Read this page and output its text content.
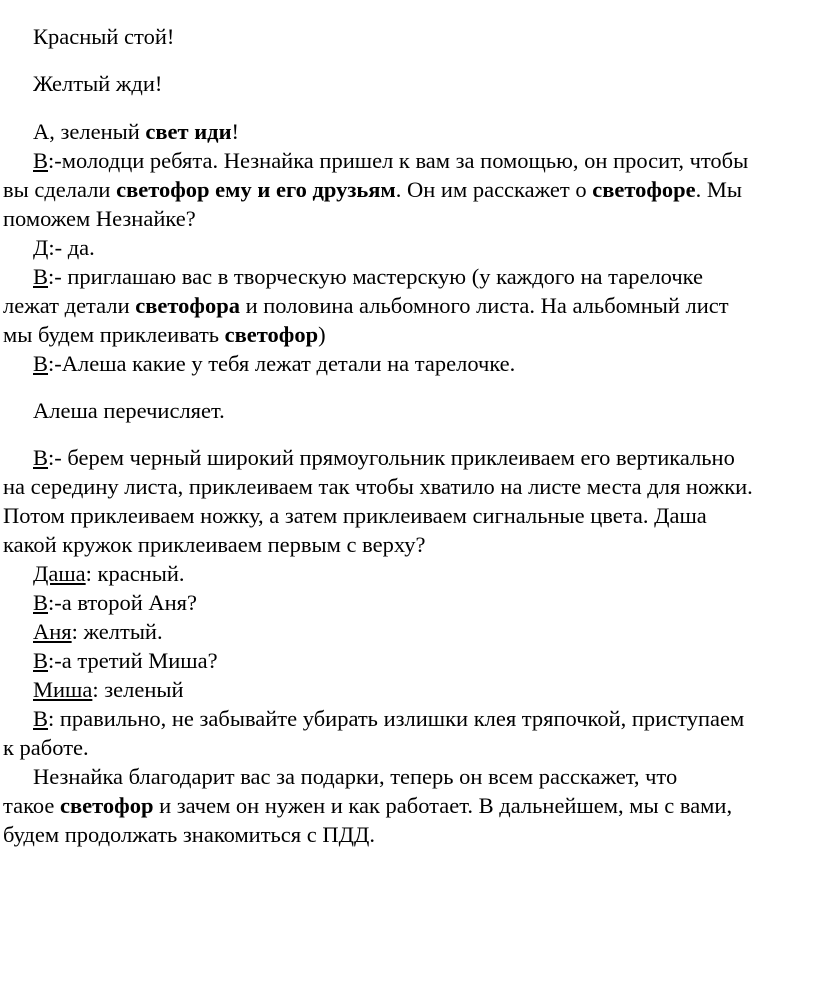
Красный стой!

Желтый жди!

А, зеленый свет иди!

В:-молодци ребята. Незнайка пришел к вам за помощью, он просит, чтобы
вы сделали светофор ему и его друзьям. Он им расскажет о светофоре. Мы
поможем Незнайке?

Д:- да.

В:- приглашаю вас в творческую мастерскую (у каждого на тарелочке
лежат детали светофора и половина альбомного листа. На альбомный лист
мы будем приклеивать светофор)

В:-Алеша какие у тебя лежат детали на тарелочке.

Алеша перечисляет.

В:- берем черный широкий прямоугольник приклеиваем его вертикально
на середину листа, приклеиваем так чтобы хватило на листе места для ножки.
Потом приклеиваем ножку, а затем приклеиваем сигнальные цвета. Даша
какой кружок приклеиваем первым с верху?

Даша: красный.

В:-а второй Аня?

Аня: желтый.

В:-а третий Миша?

Миша: зеленый

В: правильно, не забывайте убирать излишки клея тряпочкой, приступаем
к работе.

Незнайка благодарит вас за подарки, теперь он всем расскажет, что
такое светофор и зачем он нужен и как работает. В дальнейшем, мы с вами,
будем продолжать знакомиться с ПДД.
